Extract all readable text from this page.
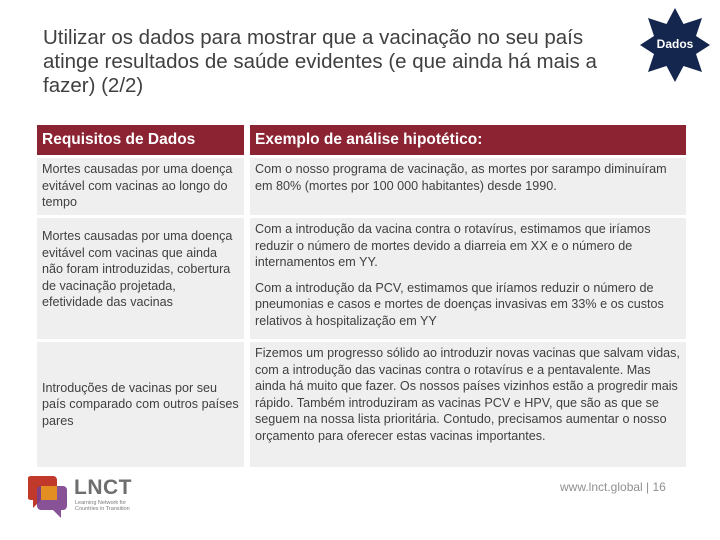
Utilizar os dados para mostrar que a vacinação no seu país atinge resultados de saúde evidentes (e que ainda há mais a fazer) (2/2)
Dados
Requisitos de Dados	Exemplo de análise hipotético:

Mortes causadas por uma doença evitável com vacinas ao longo do tempo

Com o nosso programa de vacinação, as mortes por sarampo diminuíram em 80% (mortes por 100 000 habitantes) desde 1990.

Mortes causadas por uma doença evitável com vacinas que ainda não foram introduzidas, cobertura de vacinação projetada, efetividade das vacinas

Com a introdução da vacina contra o rotavírus, estimamos que iríamos reduzir o número de mortes devido a diarreia em XX e o número de internamentos em YY.

Com a introdução da PCV, estimamos que iríamos reduzir o número de pneumonias e casos e mortes de doenças invasivas em 33% e os custos relativos à hospitalização em YY

Introduções de vacinas por seu país comparado com outros países pares

Fizemos um progresso sólido ao introduzir novas vacinas que salvam vidas, com a introdução das vacinas contra o rotavírus e a pentavalente. Mas ainda há muito que fazer. Os nossos países vizinhos estão a progredir mais rápido. Também introduziram as vacinas PCV e HPV, que são as que se seguem na nossa lista prioritária. Contudo, precisamos aumentar o nosso orçamento para oferecer estas vacinas importantes.

LNCT
Learning Network for
Countries in Transition
www.lnct.global | 16
